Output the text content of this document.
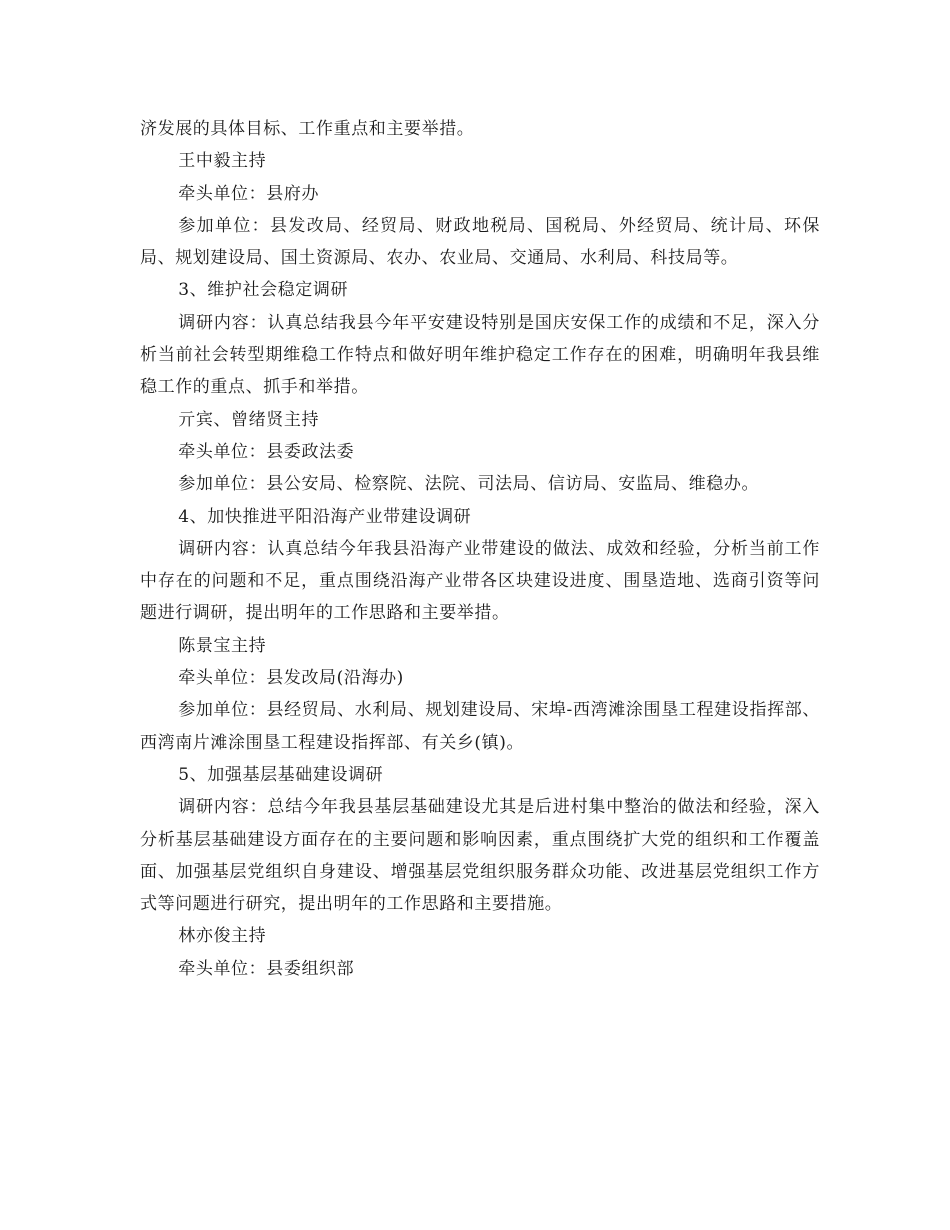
济发展的具体目标、工作重点和主要举措。

王中毅主持

牵头单位：县府办

参加单位：县发改局、经贸局、财政地税局、国税局、外经贸局、统计局、环保局、规划建设局、国土资源局、农办、农业局、交通局、水利局、科技局等。

3、维护社会稳定调研

调研内容：认真总结我县今年平安建设特别是国庆安保工作的成绩和不足，深入分析当前社会转型期维稳工作特点和做好明年维护稳定工作存在的困难，明确明年我县维稳工作的重点、抓手和举措。

亓宾、曾绪贤主持

牵头单位：县委政法委

参加单位：县公安局、检察院、法院、司法局、信访局、安监局、维稳办。

4、加快推进平阳沿海产业带建设调研

调研内容：认真总结今年我县沿海产业带建设的做法、成效和经验，分析当前工作中存在的问题和不足，重点围绕沿海产业带各区块建设进度、围垦造地、选商引资等问题进行调研，提出明年的工作思路和主要举措。

陈景宝主持

牵头单位：县发改局(沿海办)

参加单位：县经贸局、水利局、规划建设局、宋埠-西湾滩涂围垦工程建设指挥部、西湾南片滩涂围垦工程建设指挥部、有关乡(镇)。

5、加强基层基础建设调研

调研内容：总结今年我县基层基础建设尤其是后进村集中整治的做法和经验，深入分析基层基础建设方面存在的主要问题和影响因素，重点围绕扩大党的组织和工作覆盖面、加强基层党组织自身建设、增强基层党组织服务群众功能、改进基层党组织工作方式等问题进行研究，提出明年的工作思路和主要措施。

林亦俊主持

牵头单位：县委组织部
